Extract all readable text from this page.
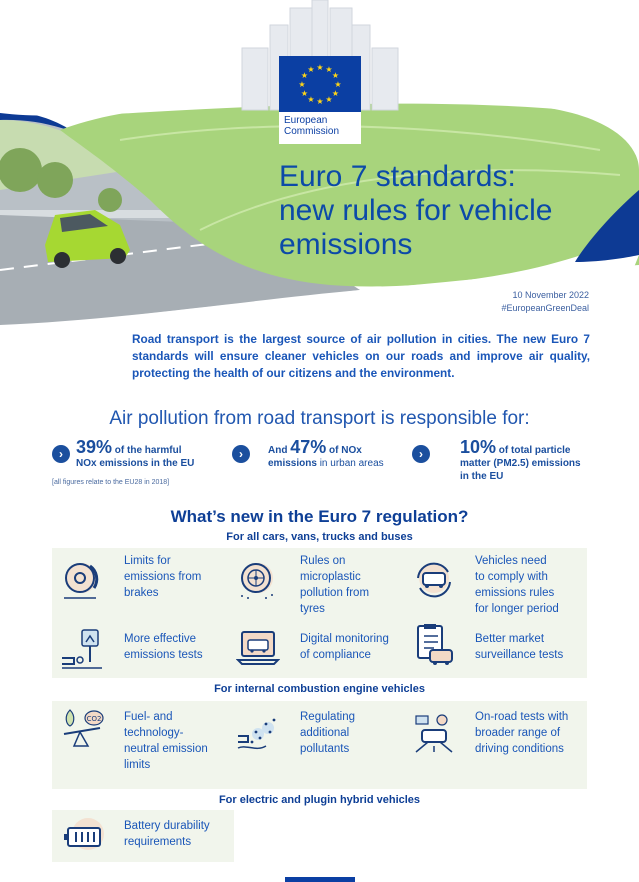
★ ★
★
★
★
★
★
★
★
★
★
★
European
Commission
Euro 7 standards:
new rules for vehicle
emissions
10 November 2022
#EuropeanGreenDeal
Road transport is the largest source of air pollution in cities. The new Euro 7 standards will ensure cleaner vehicles on our roads and improve air quality, protecting the health of our citizens and the environment.
Air pollution from road transport is responsible for:
› 39% of the harmful
NOx emissions in the EU
›	And 47% of NOx
emissions in urban areas
›	10% of total particle
matter (PM2.5) emissions
in the EU
[all figures relate to the EU28 in 2018]
What’s new in the Euro 7 regulation?
For all cars, vans, trucks and buses
Limits for
emissions from
brakes
Rules on
microplastic
pollution from
tyres
Vehicles need
to comply with
emissions rules
for longer period
More effective
emissions tests
Digital monitoring
of compliance
Better market
surveillance tests
For internal combustion engine vehicles
CO2 Fuel- and
technology-
neutral emission
limits
Regulating
additional
pollutants
On-road tests with
broader range of
driving conditions
For electric and plugin hybrid vehicles
Battery durability
requirements
